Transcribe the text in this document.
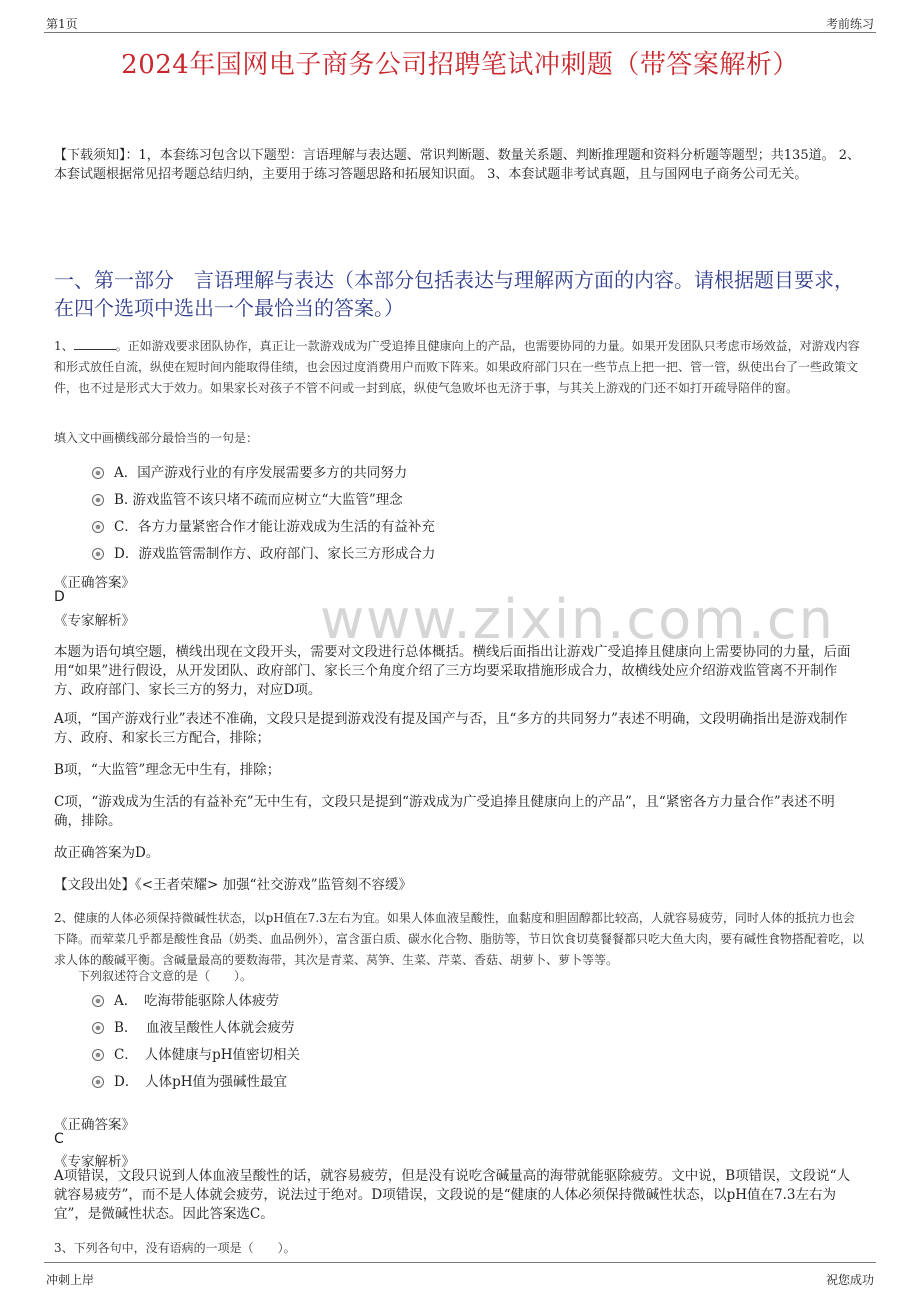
第1页	考前练习
2024年国网电子商务公司招聘笔试冲刺题（带答案解析）
【下载须知】：1，本套练习包含以下题型：言语理解与表达题、常识判断题、数量关系题、判断推理题和资料分析题等题型；共135道。 2、本套试题根据常见招考题总结归纳，主要用于练习答题思路和拓展知识面。 3、本套试题非考试真题，且与国网电子商务公司无关。
一、第一部分　言语理解与表达（本部分包括表达与理解两方面的内容。请根据题目要求，在四个选项中选出一个最恰当的答案。）
www.zixin.com.cn
1、	。正如游戏要求团队协作，真正让一款游戏成为广受追捧且健康向上的产品，也需要协同的力量。如果开发团队只考虑市场效益，对游戏内容和形式放任自流，纵使在短时间内能取得佳绩，也会因过度消费用户而败下阵来。如果政府部门只在一些节点上把一把、管一管，纵使出台了一些政策文件，也不过是形式大于效力。如果家长对孩子不管不问或一封到底，纵使气急败坏也无济于事，与其关上游戏的门还不如打开疏导陪伴的窗。
填入文中画横线部分最恰当的一句是：
A．国产游戏行业的有序发展需要多方的共同努力
B. 游戏监管不该只堵不疏而应树立“大监管”理念
C．各方力量紧密合作才能让游戏成为生活的有益补充
D．游戏监管需制作方、政府部门、家长三方形成合力
《正确答案》
D
《专家解析》
本题为语句填空题，横线出现在文段开头，需要对文段进行总体概括。横线后面指出让游戏广受追捧且健康向上需要协同的力量，后面用“如果”进行假设，从开发团队、政府部门、家长三个角度介绍了三方均要采取措施形成合力，故横线处应介绍游戏监管离不开制作方、政府部门、家长三方的努力，对应D项。
A项，“国产游戏行业”表述不准确，文段只是提到游戏没有提及国产与否，且“多方的共同努力”表述不明确，文段明确指出是游戏制作方、政府、和家长三方配合，排除；
B项，“大监管”理念无中生有，排除；
C项，“游戏成为生活的有益补充”无中生有，文段只是提到“游戏成为广受追捧且健康向上的产品”，且“紧密各方力量合作”表述不明确，排除。
故正确答案为D。
【文段出处】《<王者荣耀> 加强“社交游戏”监管刻不容缓》
2、健康的人体必须保持微碱性状态，以pH值在7.3左右为宜。如果人体血液呈酸性，血黏度和胆固醇都比较高，人就容易疲劳，同时人体的抵抗力也会下降。而荤菜几乎都是酸性食品（奶类、血品例外），富含蛋白质、碳水化合物、脂肪等，节日饮食切莫餐餐都只吃大鱼大肉，要有碱性食物搭配着吃，以求人体的酸碱平衡。含碱量最高的要数海带，其次是青菜、莴笋、生菜、芹菜、香菇、胡萝卜、萝卜等等。
下列叙述符合文意的是（　　）。
A．　吃海带能驱除人体疲劳
B.　 血液呈酸性人体就会疲劳
C．　人体健康与pH值密切相关
D．　人体pH值为强碱性最宜
《正确答案》
C
《专家解析》
A项错误，文段只说到人体血液呈酸性的话，就容易疲劳，但是没有说吃含碱量高的海带就能驱除疲劳。文中说，B项错误，文段说“人就容易疲劳”，而不是人体就会疲劳，说法过于绝对。D项错误，文段说的是“健康的人体必须保持微碱性状态，以pH值在7.3左右为宜”，是微碱性状态。因此答案选C。
3、下列各句中，没有语病的一项是（　　）。
冲刺上岸	祝您成功
